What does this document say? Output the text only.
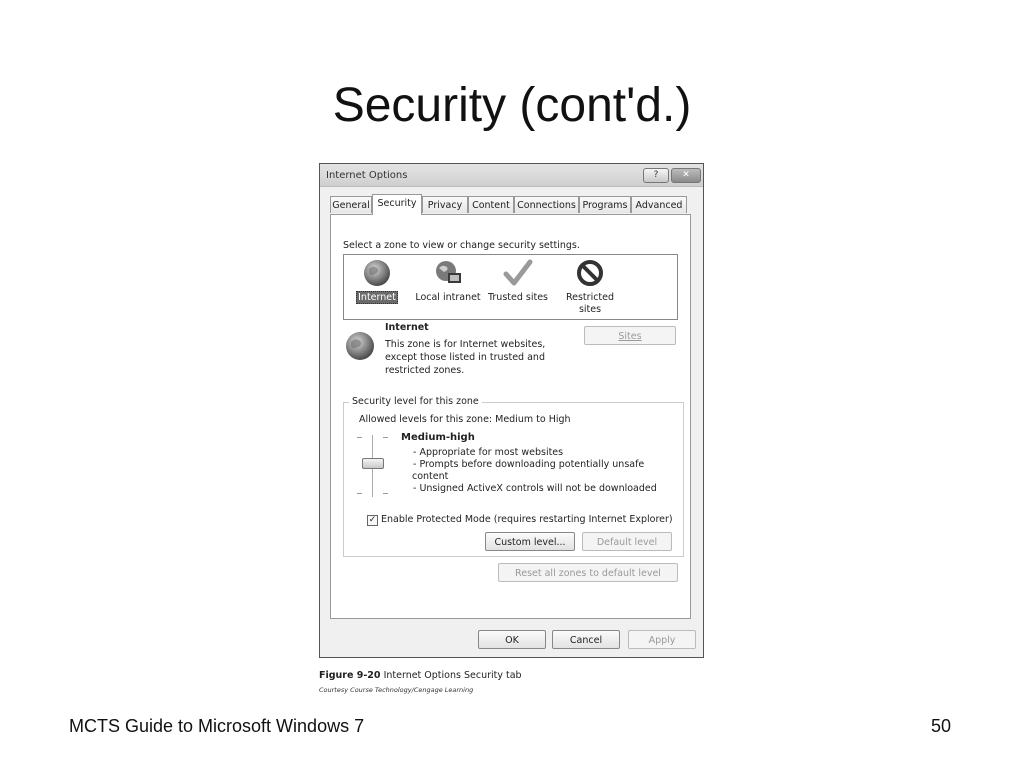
Security (cont'd.)
Internet Options	?	✕
General Security	Privacy	Content Connections Programs Advanced
Select a zone to view or change security settings.
Internet	Local intranet Trusted sites	Restricted
sites
Internet
This zone is for Internet websites,
except those listed in trusted and
restricted zones.
Sites
Security level for this zone
Allowed levels for this zone: Medium to High
Medium-high
- Appropriate for most websites
- Prompts before downloading potentially unsafe
content
- Unsigned ActiveX controls will not be downloaded
✓ Enable Protected Mode (requires restarting Internet Explorer)
Custom level...	Default level
Reset all zones to default level
OK	Cancel	Apply
Figure 9-20 Internet Options Security tab
Courtesy Course Technology/Cengage Learning
MCTS Guide to Microsoft Windows 7	50
